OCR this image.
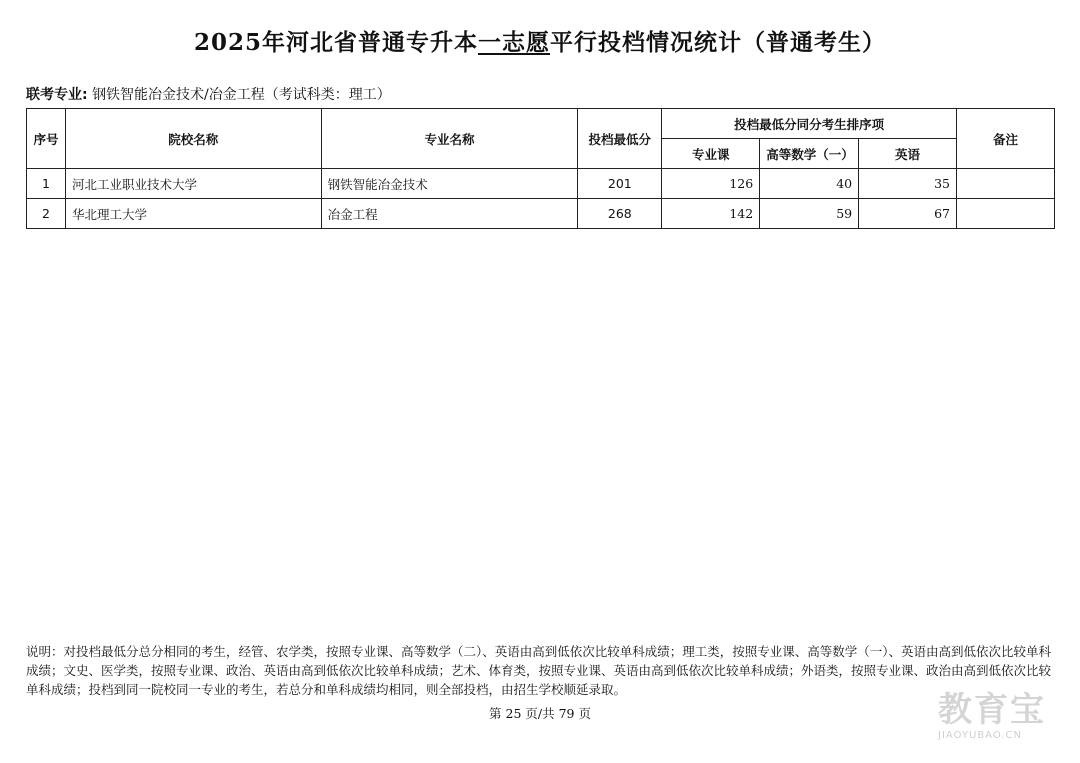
2025年河北省普通专升本一志愿平行投档情况统计（普通考生）
联考专业: 钢铁智能冶金技术/冶金工程（考试科类：理工）
序号	院校名称	专业名称	投档最低分	投档最低分同分考生排序项			备注
				专业课	高等数学（一）	英语	
1	河北工业职业技术大学	钢铁智能冶金技术	201	126	40	35	
2	华北理工大学	冶金工程	268	142	59	67	
说明：对投档最低分总分相同的考生，经管、农学类，按照专业课、高等数学（二）、英语由高到低依次比较单科成绩；理工类，按照专业课、高等数学（一）、英语由高到低依次比较单科成绩；文史、医学类，按照专业课、政治、英语由高到低依次比较单科成绩；艺术、体育类，按照专业课、英语由高到低依次比较单科成绩；外语类，按照专业课、政治由高到低依次比较单科成绩；投档到同一院校同一专业的考生，若总分和单科成绩均相同，则全部投档，由招生学校顺延录取。
第 25 页/共 79 页	教育宝
JIAOYUBAO.CN
